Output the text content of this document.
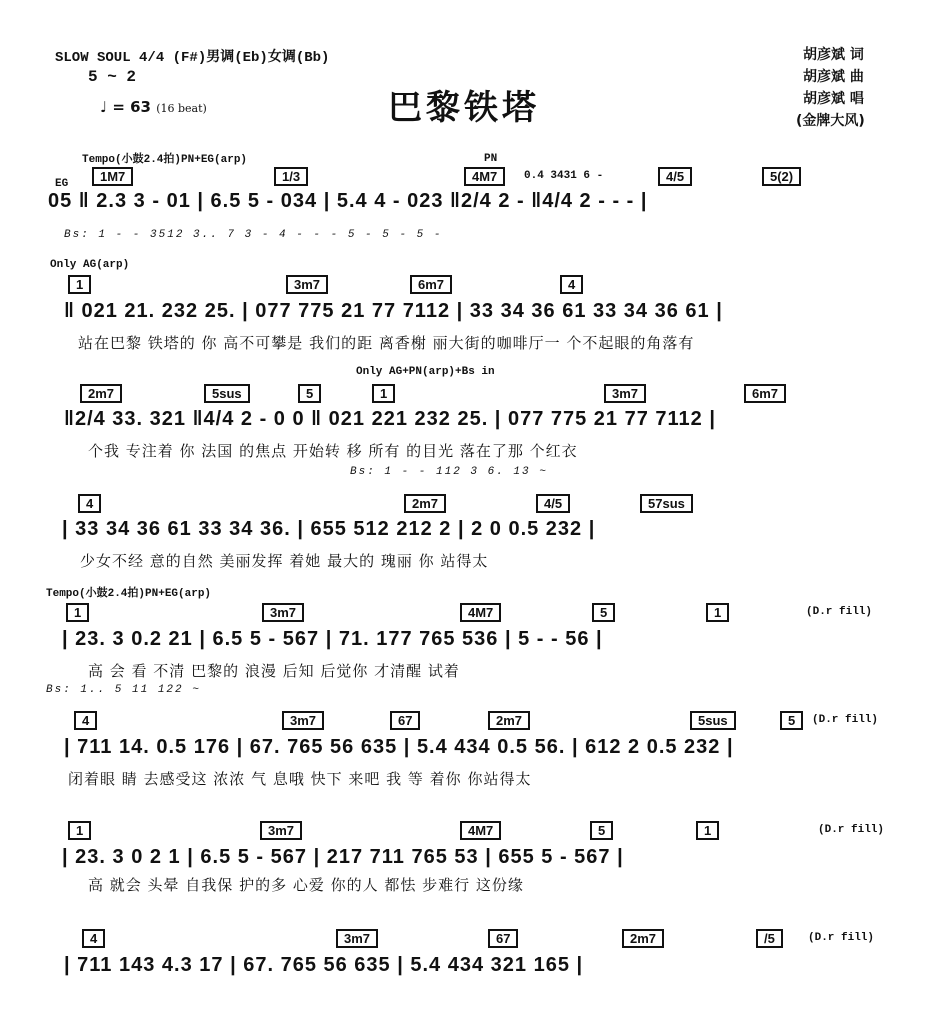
SLOW SOUL 4/4 (F#)男调(Eb)女调(Bb)
5 ~ 2
♩ = 63 (16 beat)	巴黎铁塔
胡彦斌 词
胡彦斌 曲
胡彦斌 唱
(金牌大风)
Tempo(小鼓2.4拍)PN+EG(arp)
EG
PN
1M7	1/3	4M7	0.4 3431 6 -	4/5	5(2)
05 ‖ 2.3 3 - 01 | 6.5 5 - 034 | 5.4 4 - 023 ‖2/4 2 - ‖4/4 2 - - - |
Bs: 1 - - 3512 3.. 7 3 - 4 - - - 5 - 5 - 5 -
Only AG(arp)
1	3m7	6m7	4
‖ 021 21. 232 25. | 077 775 21 77 7112 | 33 34 36 61 33 34 36 61 |
站在巴黎 铁塔的 你 高不可攀是 我们的距 离香榭 丽大街的咖啡厅一 个不起眼的角落有
Only AG+PN(arp)+Bs in
2m7	5sus	5	1	3m7	6m7
‖2/4 33. 321 ‖4/4 2 - 0 0 ‖ 021 221 232 25. | 077 775 21 77 7112 |
个我 专注着 你 法国 的焦点 开始转 移 所有 的目光 落在了那 个红衣
Bs: 1 - - 112 3 6. 13 ~
4	2m7	4/5	57sus
| 33 34 36 61 33 34 36. | 655 512 212 2 | 2 0 0.5 232 |
少女不经 意的自然 美丽发挥 着她 最大的 瑰丽 你 站得太
Tempo(小鼓2.4拍)PN+EG(arp)
1	3m7	4M7	5	1	(D.r fill)
| 23. 3 0.2 21 | 6.5 5 - 567 | 71. 177 765 536 | 5 - - 56 |
高 会 看 不清 巴黎的 浪漫 后知 后觉你 才清醒 试着
Bs: 1.. 5 11 122 ~
4	3m7	67	2m7	5sus	5	(D.r fill)
| 711 14. 0.5 176 | 67. 765 56 635 | 5.4 434 0.5 56. | 612 2 0.5 232 |
闭着眼 睛 去感受这 浓浓 气 息哦 快下 来吧 我 等 着你 你站得太
1	3m7	4M7	5	1	(D.r fill)
| 23. 3 0 2 1 | 6.5 5 - 567 | 217 711 765 53 | 655 5 - 567 |
高 就会 头晕 自我保 护的多 心爱 你的人 都怯 步难行 这份缘
4	3m7	67	2m7	/5	(D.r fill)
| 711 143 4.3 17 | 67. 765 56 635 | 5.4 434 321 165 |
